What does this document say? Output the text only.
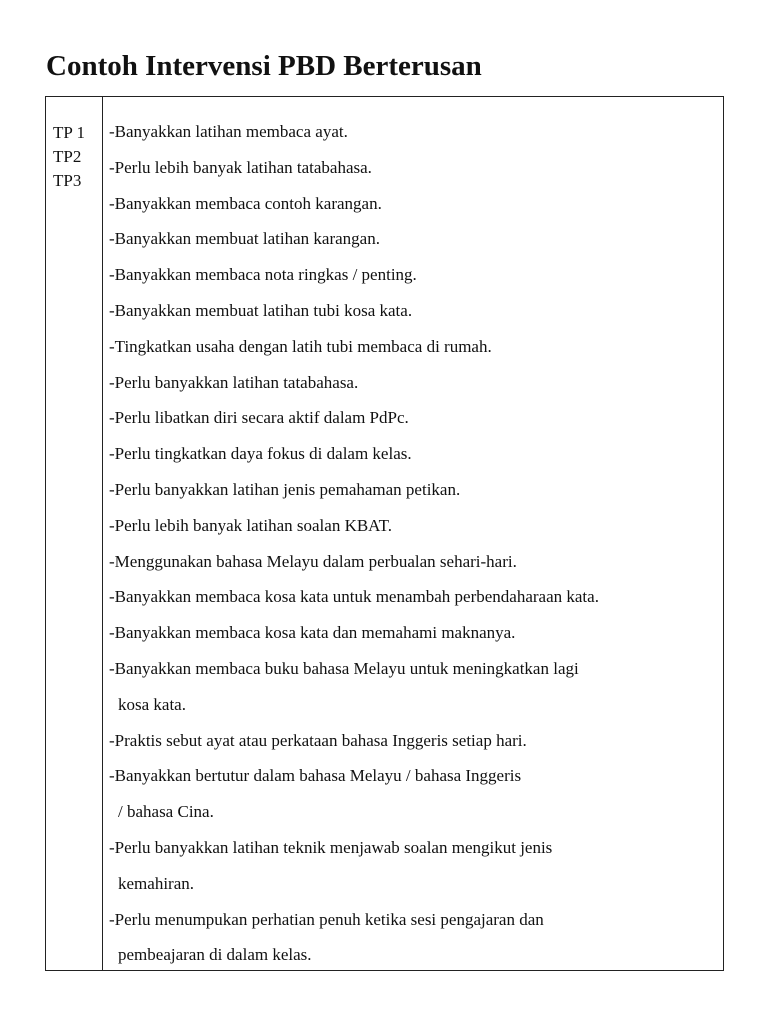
Contoh Intervensi PBD Berterusan
TP 1
TP2
TP3
-Banyakkan latihan membaca ayat.
-Perlu lebih banyak latihan tatabahasa.
-Banyakkan membaca contoh karangan.
-Banyakkan membuat latihan karangan.
-Banyakkan membaca nota ringkas / penting.
-Banyakkan membuat latihan tubi kosa kata.
-Tingkatkan usaha dengan latih tubi membaca di rumah.
-Perlu banyakkan latihan tatabahasa.
-Perlu libatkan diri secara aktif dalam PdPc.
-Perlu tingkatkan daya fokus di dalam kelas.
-Perlu banyakkan latihan jenis pemahaman petikan.
-Perlu lebih banyak latihan soalan KBAT.
-Menggunakan bahasa Melayu dalam perbualan sehari-hari.
-Banyakkan membaca kosa kata untuk menambah perbendaharaan kata.
-Banyakkan membaca kosa kata dan memahami maknanya.
-Banyakkan membaca buku bahasa Melayu untuk meningkatkan lagi
kosa kata.
-Praktis sebut ayat atau perkataan bahasa Inggeris setiap hari.
-Banyakkan bertutur dalam bahasa Melayu / bahasa Inggeris
/ bahasa Cina.
-Perlu banyakkan latihan teknik menjawab soalan mengikut jenis
kemahiran.
-Perlu menumpukan perhatian penuh ketika sesi pengajaran dan
pembeajaran di dalam kelas.
